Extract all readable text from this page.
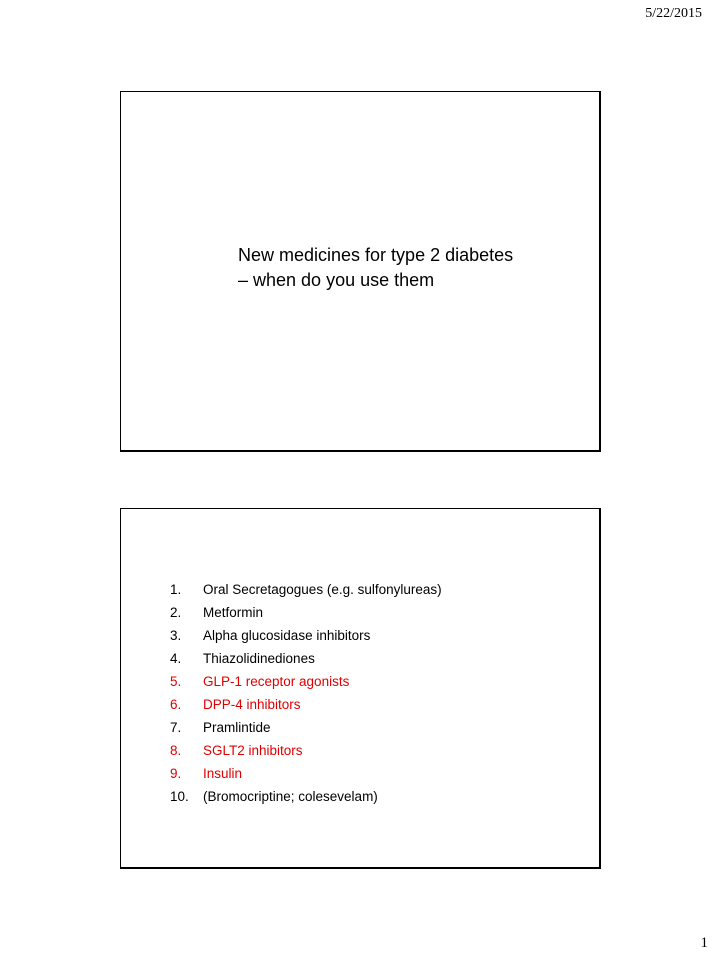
5/22/2015
New medicines for type 2 diabetes
– when do you use them
1. Oral Secretagogues (e.g. sulfonylureas)
2. Metformin
3. Alpha glucosidase inhibitors
4. Thiazolidinediones
5. GLP-1 receptor agonists
6. DPP-4 inhibitors
7. Pramlintide
8. SGLT2 inhibitors
9. Insulin
10. (Bromocriptine; colesevelam)
1
